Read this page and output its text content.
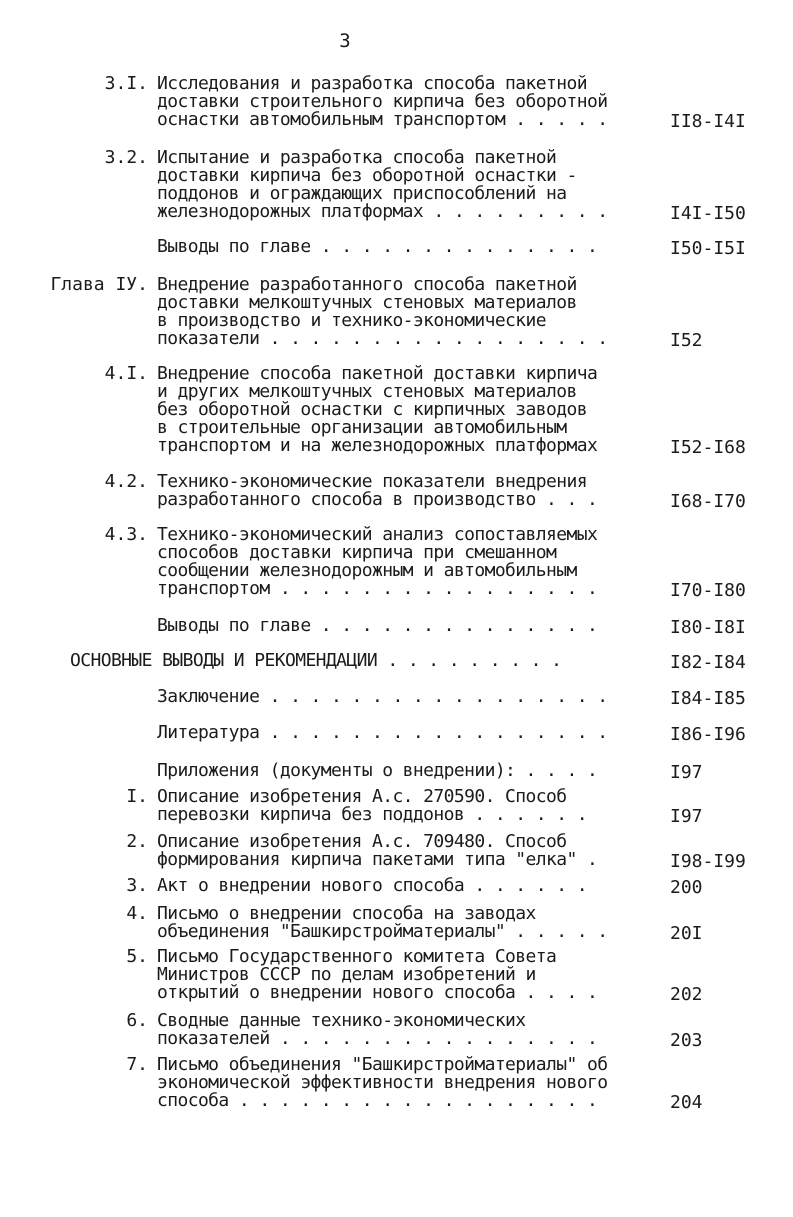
3
3.I. Исследования и разработка способа пакетной
доставки строительного кирпича без оборотной
оснастки автомобильным транспортом . . . . .	II8-I4I
3.2. Испытание и разработка способа пакетной
доставки кирпича без оборотной оснастки -
поддонов и ограждающих приспособлений на
железнодорожных платформах . . . . . . . . .	I4I-I50
Выводы по главе . . . . . . . . . . . . . .	I50-I5I
Глава IУ. Внедрение разработанного способа пакетной
доставки мелкоштучных стеновых материалов
в производство и технико-экономические
показатели . . . . . . . . . . . . . . . . .	I52
4.I. Внедрение способа пакетной доставки кирпича
и других мелкоштучных стеновых материалов
без оборотной оснастки с кирпичных заводов
в строительные организации автомобильным
транспортом и на железнодорожных платформах	I52-I68
4.2. Технико-экономические показатели внедрения
разработанного способа в производство . . .	I68-I70
4.3. Технико-экономический анализ сопоставляемых
способов доставки кирпича при смешанном
сообщении железнодорожным и автомобильным
транспортом . . . . . . . . . . . . . . . .	I70-I80
Выводы по главе . . . . . . . . . . . . . .	I80-I8I
ОСНОВНЫЕ ВЫВОДЫ И РЕКОМЕНДАЦИИ . . . . . . . . .	I82-I84
Заключение . . . . . . . . . . . . . . . . .	I84-I85
Литература . . . . . . . . . . . . . . . . .	I86-I96
Приложения (документы о внедрении): . . . .	I97
I. Описание изобретения А.с. 270590. Способ
перевозки кирпича без поддонов . . . . . .	I97
2. Описание изобретения А.с. 709480. Способ
формирования кирпича пакетами типа "елка" .	I98-I99
3. Акт о внедрении нового способа . . . . . .	200
4. Письмо о внедрении способа на заводах
объединения "Башкирстройматериалы" . . . . .	20I
5. Письмо Государственного комитета Совета
Министров СССР по делам изобретений и
открытий о внедрении нового способа . . . .	202
6. Сводные данные технико-экономических
показателей . . . . . . . . . . . . . . . .	203
7. Письмо объединения "Башкирстройматериалы" об
экономической эффективности внедрения нового
способа . . . . . . . . . . . . . . . . . .	204
